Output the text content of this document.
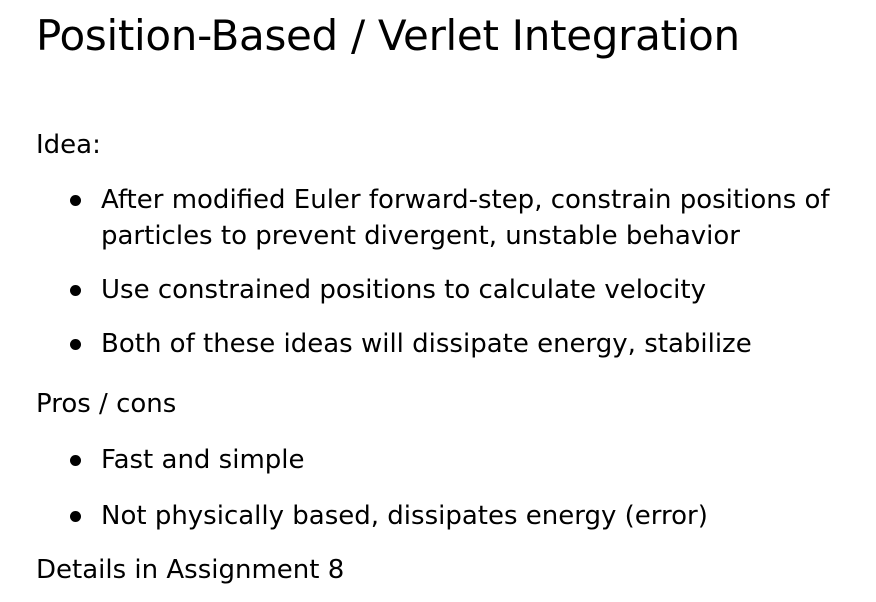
Position-Based / Verlet Integration
Idea:
After modified Euler forward-step, constrain positions of particles to prevent divergent, unstable behavior
Use constrained positions to calculate velocity
Both of these ideas will dissipate energy, stabilize
Pros / cons
Fast and simple
Not physically based, dissipates energy (error)
Details in Assignment 8
